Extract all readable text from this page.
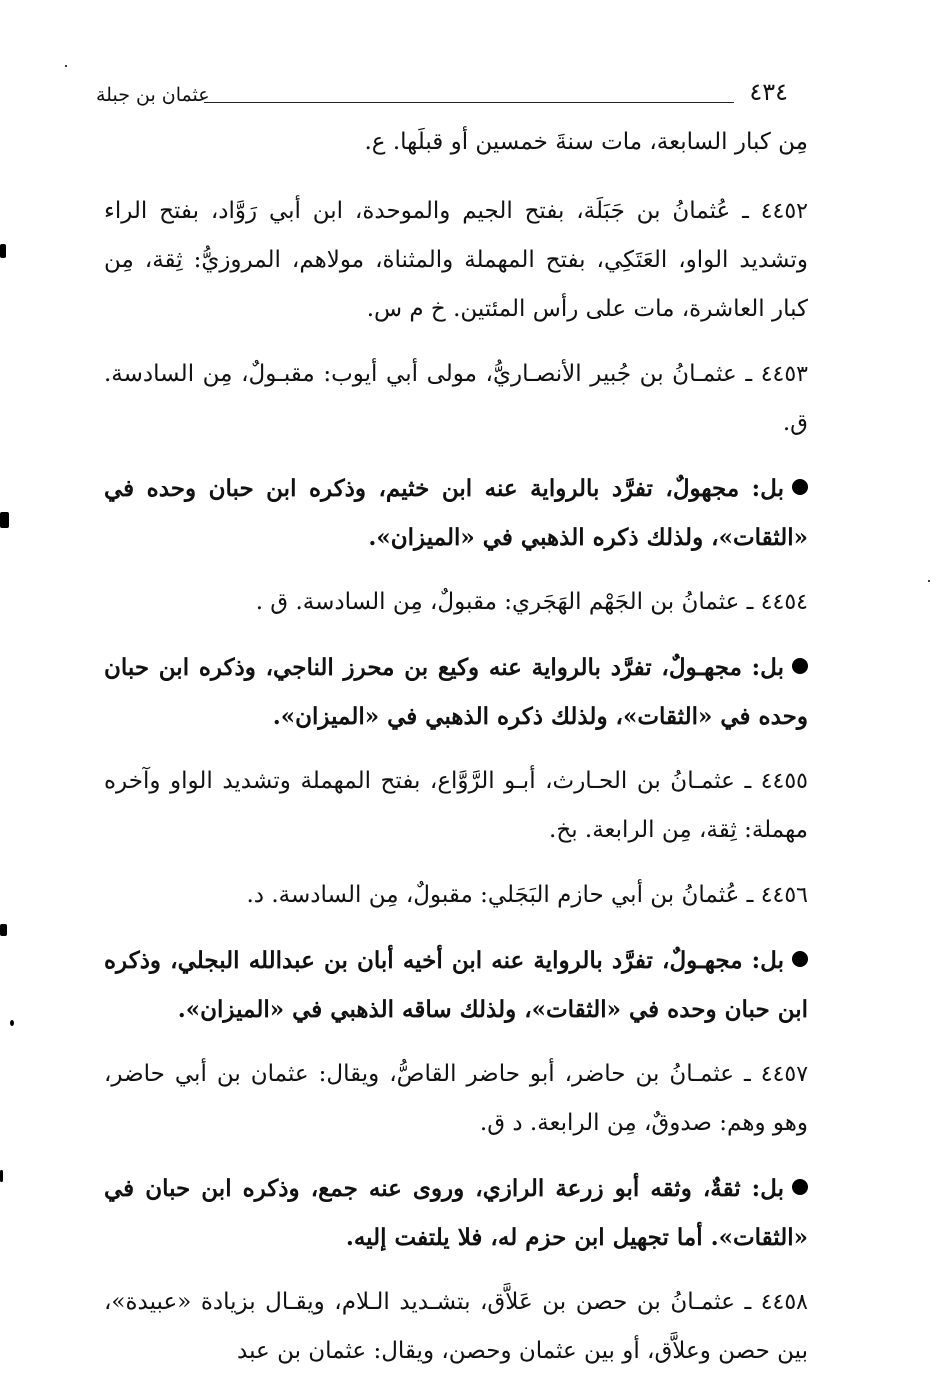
٤٣٤
عثمان بن جبلة

مِن كبار السابعة، مات سنةَ خمسين أو قبلَها. ع.

٤٤٥٢ ـ عُثمانُ بن جَبَلَة، بفتح الجيم والموحدة، ابن أبي رَوَّاد، بفتح الراء وتشديد الواو، العَتَكِي، بفتح المهملة والمثناة، مولاهم، المروزيُّ: ثِقة، مِن كبار العاشرة، مات على رأس المئتين. خ م س.

٤٤٥٣ ـ عثمـانُ بن جُبير الأنصـاريُّ، مولى أبي أيوب: مقبـولٌ، مِن السادسة. ق.

بل: مجهولٌ، تفرَّد بالرواية عنه ابن خثيم، وذكره ابن حبان وحده في «الثقات»، ولذلك ذكره الذهبي في «الميزان».

٤٤٥٤ ـ عثمانُ بن الجَهْم الهَجَري: مقبولٌ، مِن السادسة. ق .

بل: مجهـولٌ، تفرَّد بالرواية عنه وكيع بن محرز الناجي، وذكره ابن حبان وحده في «الثقات»، ولذلك ذكره الذهبي في «الميزان».

٤٤٥٥ ـ عثمـانُ بن الحـارث، أبـو الرَّوَّاع، بفتح المهملة وتشديد الواو وآخره مهملة: ثِقة، مِن الرابعة. بخ.

٤٤٥٦ ـ عُثمانُ بن أبي حازم البَجَلي: مقبولٌ، مِن السادسة. د.

بل: مجهـولٌ، تفرَّد بالرواية عنه ابن أخيه أبان بن عبدالله البجلي، وذكره ابن حبان وحده في «الثقات»، ولذلك ساقه الذهبي في «الميزان».

٤٤٥٧ ـ عثمـانُ بن حاضر، أبو حاضر القاصُّ، ويقال: عثمان بن أبي حاضر، وهو وهم: صدوقٌ، مِن الرابعة. د ق.

بل: ثقةٌ، وثقه أبو زرعة الرازي، وروى عنه جمع، وذكره ابن حبان في «الثقات». أما تجهيل ابن حزم له، فلا يلتفت إليه.

٤٤٥٨ ـ عثمـانُ بن حصن بن عَلاَّق، بتشـديد الـلام، ويقـال بزيادة «عبيدة»، بين حصن وعلاَّق، أو بين عثمان وحصن، ويقال: عثمان بن عبد
